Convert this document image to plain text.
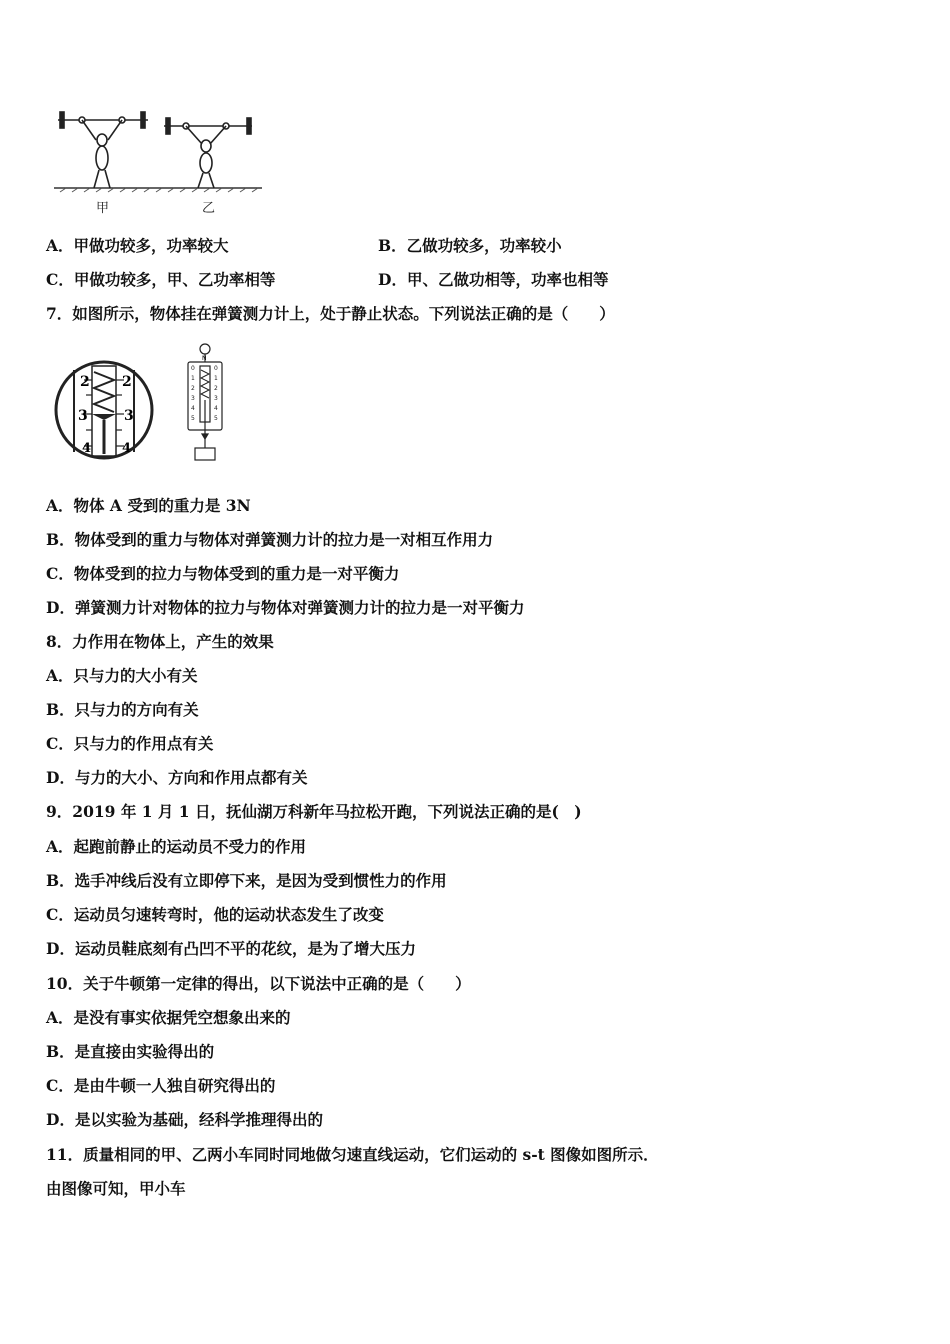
甲	乙
A．甲做功较多，功率较大	B．乙做功较多，功率较小
C．甲做功较多，甲、乙功率相等	D．甲、乙做功相等，功率也相等
7．如图所示，物体挂在弹簧测力计上，处于静止状态。下列说法正确的是（　　）
2 2
3	3
4 4
N
0
1
2
3
4
5
0
1
2
3
4
5
A．物体 A 受到的重力是 3N
B．物体受到的重力与物体对弹簧测力计的拉力是一对相互作用力
C．物体受到的拉力与物体受到的重力是一对平衡力
D．弹簧测力计对物体的拉力与物体对弹簧测力计的拉力是一对平衡力
8．力作用在物体上，产生的效果
A．只与力的大小有关
B．只与力的方向有关
C．只与力的作用点有关
D．与力的大小、方向和作用点都有关
9．2019 年 1 月 1 日，抚仙湖万科新年马拉松开跑，下列说法正确的是(　)
A．起跑前静止的运动员不受力的作用
B．选手冲线后没有立即停下来，是因为受到惯性力的作用
C．运动员匀速转弯时，他的运动状态发生了改变
D．运动员鞋底刻有凸凹不平的花纹，是为了增大压力
10．关于牛顿第一定律的得出，以下说法中正确的是（　　）
A．是没有事实依据凭空想象出来的
B．是直接由实验得出的
C．是由牛顿一人独自研究得出的
D．是以实验为基础，经科学推理得出的
11．质量相同的甲、乙两小车同时同地做匀速直线运动，它们运动的 s-t 图像如图所示．
由图像可知，甲小车
